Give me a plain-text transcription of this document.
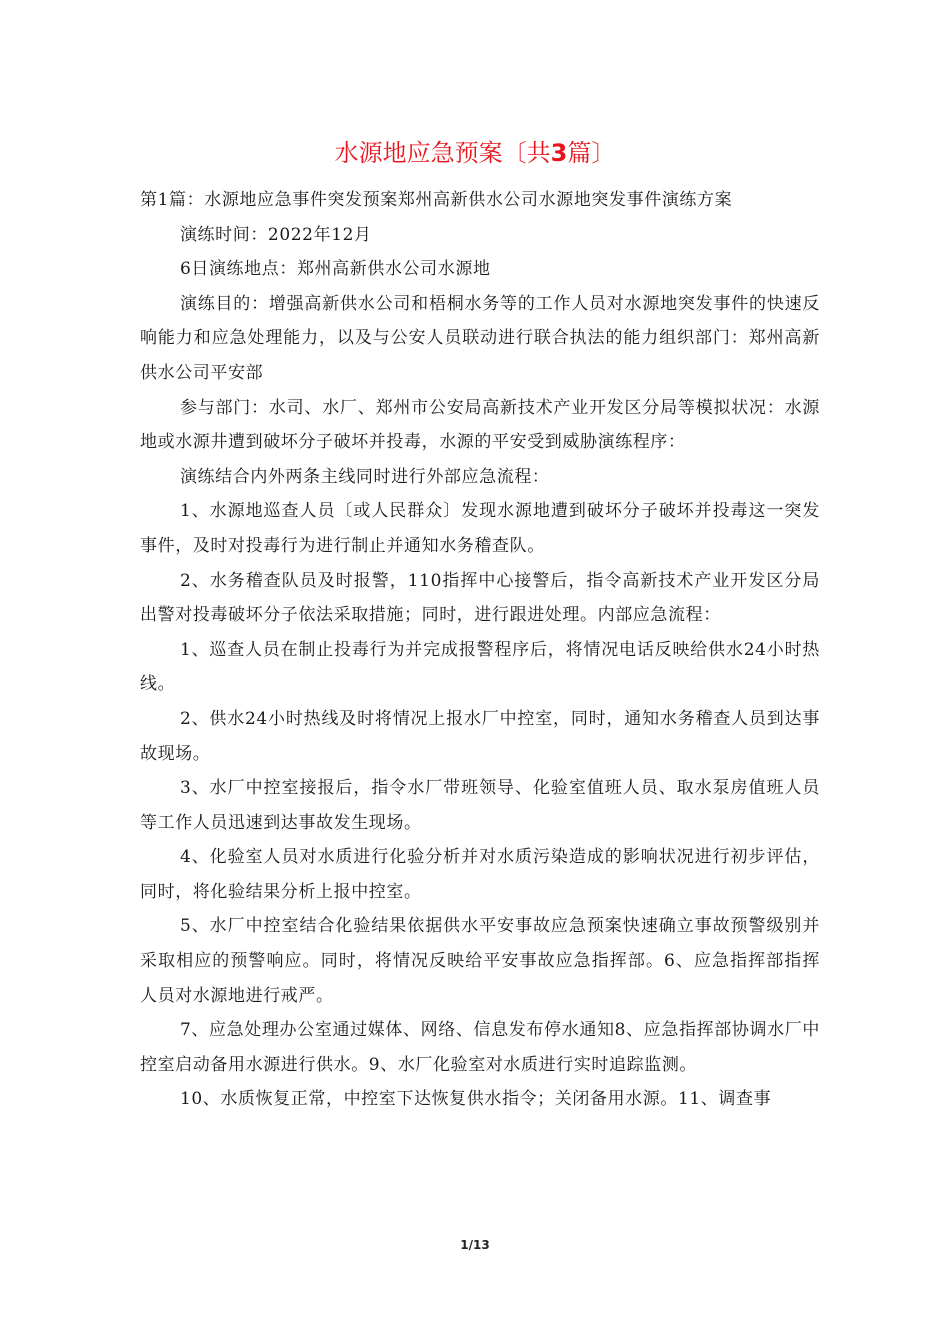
水源地应急预案〔共3篇〕

第1篇：水源地应急事件突发预案郑州高新供水公司水源地突发事件演练方案

演练时间：2022年12月

6日演练地点：郑州高新供水公司水源地

演练目的：增强高新供水公司和梧桐水务等的工作人员对水源地突发事件的快速反响能力和应急处理能力，以及与公安人员联动进行联合执法的能力组织部门：郑州高新供水公司平安部

参与部门：水司、水厂、郑州市公安局高新技术产业开发区分局等模拟状况：水源地或水源井遭到破坏分子破坏并投毒，水源的平安受到威胁演练程序：

演练结合内外两条主线同时进行外部应急流程：

1、水源地巡查人员〔或人民群众〕发现水源地遭到破坏分子破坏并投毒这一突发事件，及时对投毒行为进行制止并通知水务稽查队。

2、水务稽查队员及时报警，110指挥中心接警后，指令高新技术产业开发区分局出警对投毒破坏分子依法采取措施；同时，进行跟进处理。内部应急流程：

1、巡查人员在制止投毒行为并完成报警程序后，将情况电话反映给供水24小时热线。

2、供水24小时热线及时将情况上报水厂中控室，同时，通知水务稽查人员到达事故现场。

3、水厂中控室接报后，指令水厂带班领导、化验室值班人员、取水泵房值班人员等工作人员迅速到达事故发生现场。

4、化验室人员对水质进行化验分析并对水质污染造成的影响状况进行初步评估，同时，将化验结果分析上报中控室。

5、水厂中控室结合化验结果依据供水平安事故应急预案快速确立事故预警级别并采取相应的预警响应。同时，将情况反映给平安事故应急指挥部。6、应急指挥部指挥人员对水源地进行戒严。

7、应急处理办公室通过媒体、网络、信息发布停水通知8、应急指挥部协调水厂中控室启动备用水源进行供水。9、水厂化验室对水质进行实时追踪监测。

10、水质恢复正常，中控室下达恢复供水指令；关闭备用水源。11、调查事

1/13
